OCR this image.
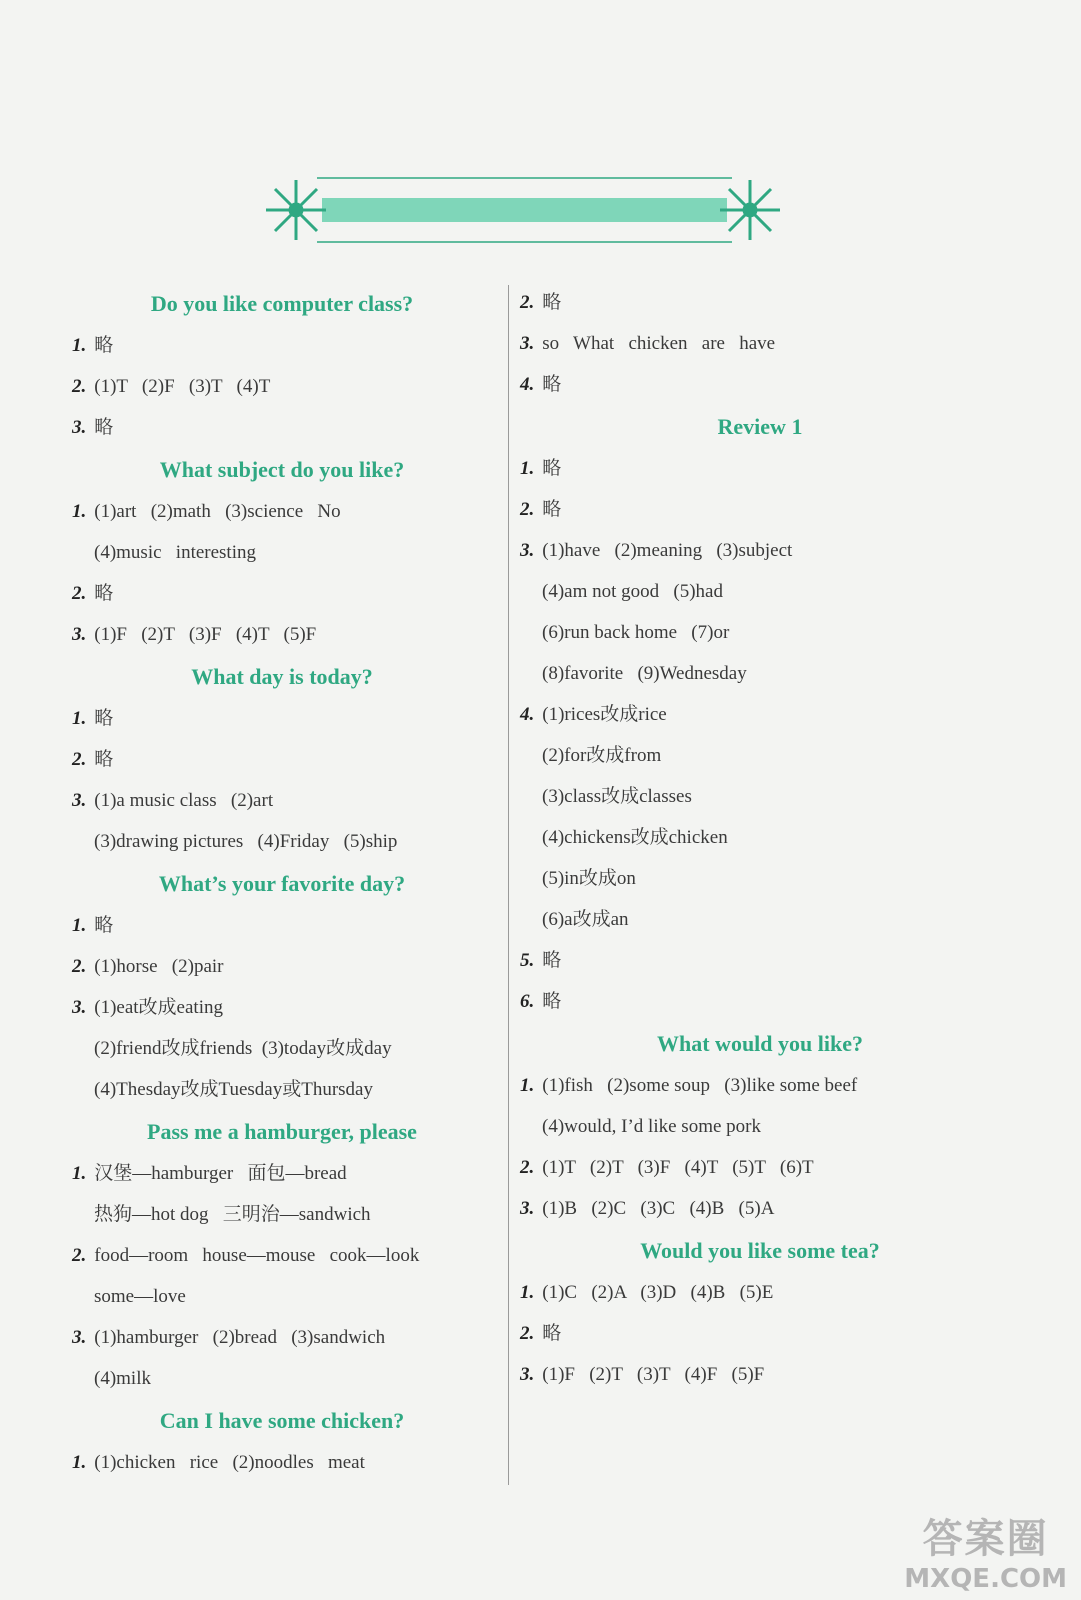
Do you like computer class?
1. 略
2. (1)T   (2)F   (3)T   (4)T
3. 略
What subject do you like?
1. (1)art   (2)math   (3)science   No
(4)music   interesting
2. 略
3. (1)F   (2)T   (3)F   (4)T   (5)F
What day is today?
1. 略
2. 略
3. (1)a music class   (2)art
(3)drawing pictures   (4)Friday   (5)ship
What’s your favorite day?
1. 略
2. (1)horse   (2)pair
3. (1)eat改成eating
(2)friend改成friends  (3)today改成day
(4)Thesday改成Tuesday或Thursday
Pass me a hamburger, please
1. 汉堡—hamburger   面包—bread
热狗—hot dog   三明治—sandwich
2. food—room   house—mouse   cook—look
some—love
3. (1)hamburger   (2)bread   (3)sandwich
(4)milk
Can I have some chicken?
1. (1)chicken   rice   (2)noodles   meat
2. 略
3. so   What   chicken   are   have
4. 略
Review 1
1. 略
2. 略
3. (1)have   (2)meaning   (3)subject
(4)am not good   (5)had
(6)run back home   (7)or
(8)favorite   (9)Wednesday
4. (1)rices改成rice
(2)for改成from
(3)class改成classes
(4)chickens改成chicken
(5)in改成on
(6)a改成an
5. 略
6. 略
What would you like?
1. (1)fish   (2)some soup   (3)like some beef
(4)would, I’d like some pork
2. (1)T   (2)T   (3)F   (4)T   (5)T   (6)T
3. (1)B   (2)C   (3)C   (4)B   (5)A
Would you like some tea?
1. (1)C   (2)A   (3)D   (4)B   (5)E
2. 略
3. (1)F   (2)T   (3)T   (4)F   (5)F
答案圈
MXQE.COM
